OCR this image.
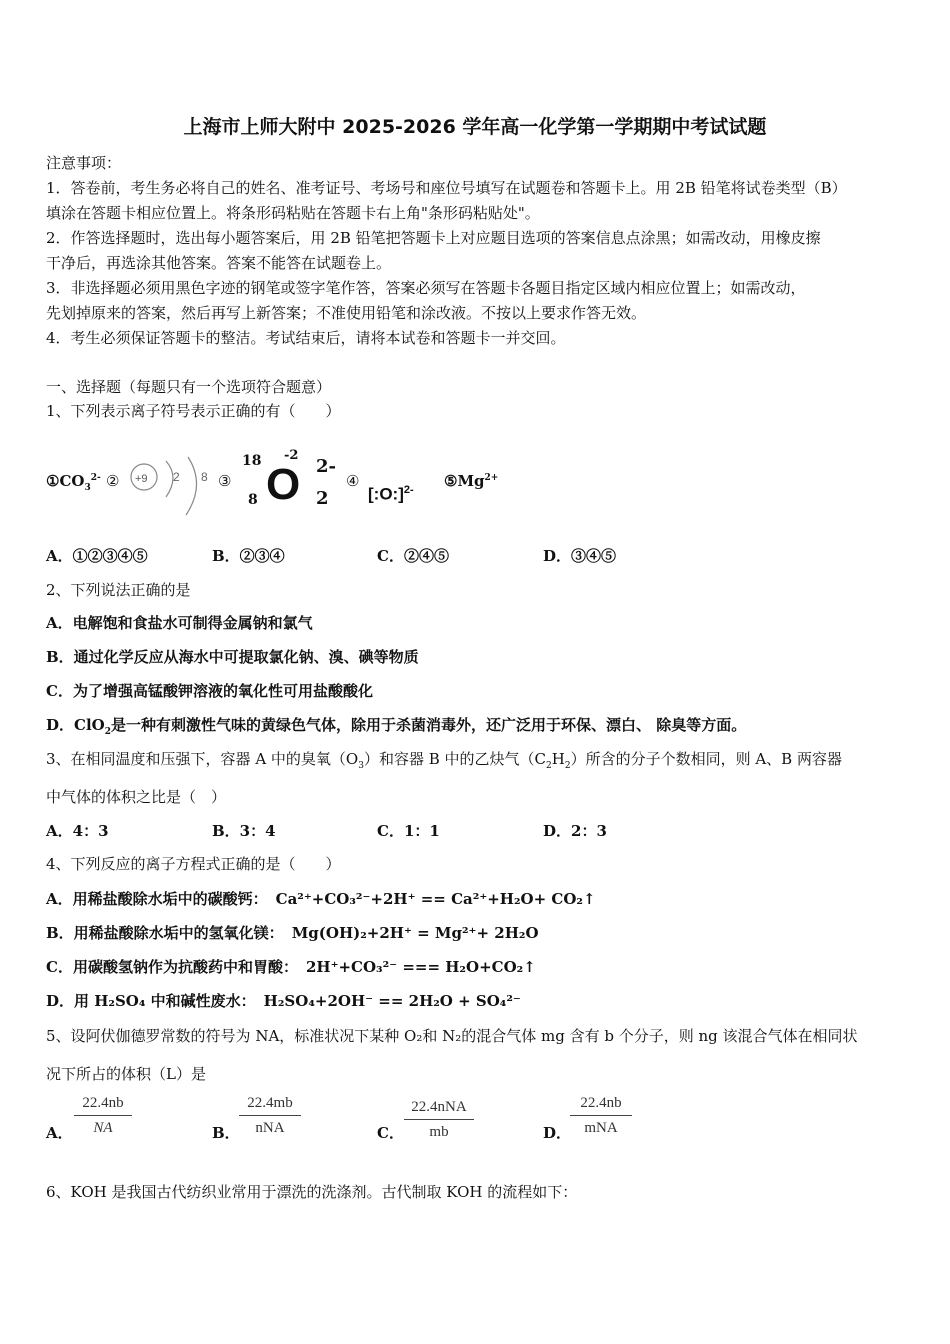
上海市上师大附中 2025-2026 学年高一化学第一学期期中考试试题
注意事项：
1．答卷前，考生务必将自己的姓名、准考证号、考场号和座位号填写在试题卷和答题卡上。用 2B 铅笔将试卷类型（B）
填涂在答题卡相应位置上。将条形码粘贴在答题卡右上角"条形码粘贴处"。
2．作答选择题时，选出每小题答案后，用 2B 铅笔把答题卡上对应题目选项的答案信息点涂黑；如需改动，用橡皮擦
干净后，再选涂其他答案。答案不能答在试题卷上。
3．非选择题必须用黑色字迹的钢笔或签字笔作答，答案必须写在答题卡各题目指定区域内相应位置上；如需改动，
先划掉原来的答案，然后再写上新答案；不准使用铅笔和涂改液。不按以上要求作答无效。
4．考生必须保证答题卡的整洁。考试结束后，请将本试卷和答题卡一并交回。
一、选择题（每题只有一个选项符合题意）
1、下列表示离子符号表示正确的有（　　）
$①CO_3^{2-}$ ② +9 2 8 ③
18
8
-2
O 2
2-
④
[:O:]$^{2-}$ $⑤Mg^{2+}$
A．①②③④⑤	B．②③④	C．②④⑤	D．③④⑤
2、下列说法正确的是
A．电解饱和食盐水可制得金属钠和氯气
B．通过化学反应从海水中可提取氯化钠、溴、碘等物质
C．为了增强高锰酸钾溶液的氧化性可用盐酸酸化
D．ClO$_2$是一种有刺激性气味的黄绿色气体，除用于杀菌消毒外，还广泛用于环保、漂白、 除臭等方面。
3、在相同温度和压强下，容器 A 中的臭氧$(O_3)$和容器 B 中的乙炔气$(C_2H_2)$所含的分子个数相同，则 A、B 两容器
中气体的体积之比是（　）
A．4：3	B．3：4	C．1：1	D．2：3
4、下列反应的离子方程式正确的是（　　）
A．用稀盐酸除水垢中的碳酸钙： Ca²⁺+CO₃²⁻+2H⁺ == Ca²⁺+H₂O+ CO₂↑
B．用稀盐酸除水垢中的氢氧化镁： Mg(OH)₂+2H⁺ = Mg²⁺+ 2H₂O
C．用碳酸氢钠作为抗酸药中和胃酸： 2H⁺+CO₃²⁻ === H₂O+CO₂↑
D．用 H₂SO₄ 中和碱性废水： H₂SO₄+2OH⁻ == 2H₂O + SO₄²⁻
5、设阿伏伽德罗常数的符号为 NA，标准状况下某种 O₂和 N₂的混合气体 mg 含有 b 个分子，则 ng 该混合气体在相同状
况下所占的体积（L）是
A． $\frac{22.4nb}{NA}$	B．
22.4mb
nNA	C．
22.4nNA
mb	D．
22.4nb
mNA
6、KOH 是我国古代纺织业常用于漂洗的洗涤剂。古代制取 KOH 的流程如下：
